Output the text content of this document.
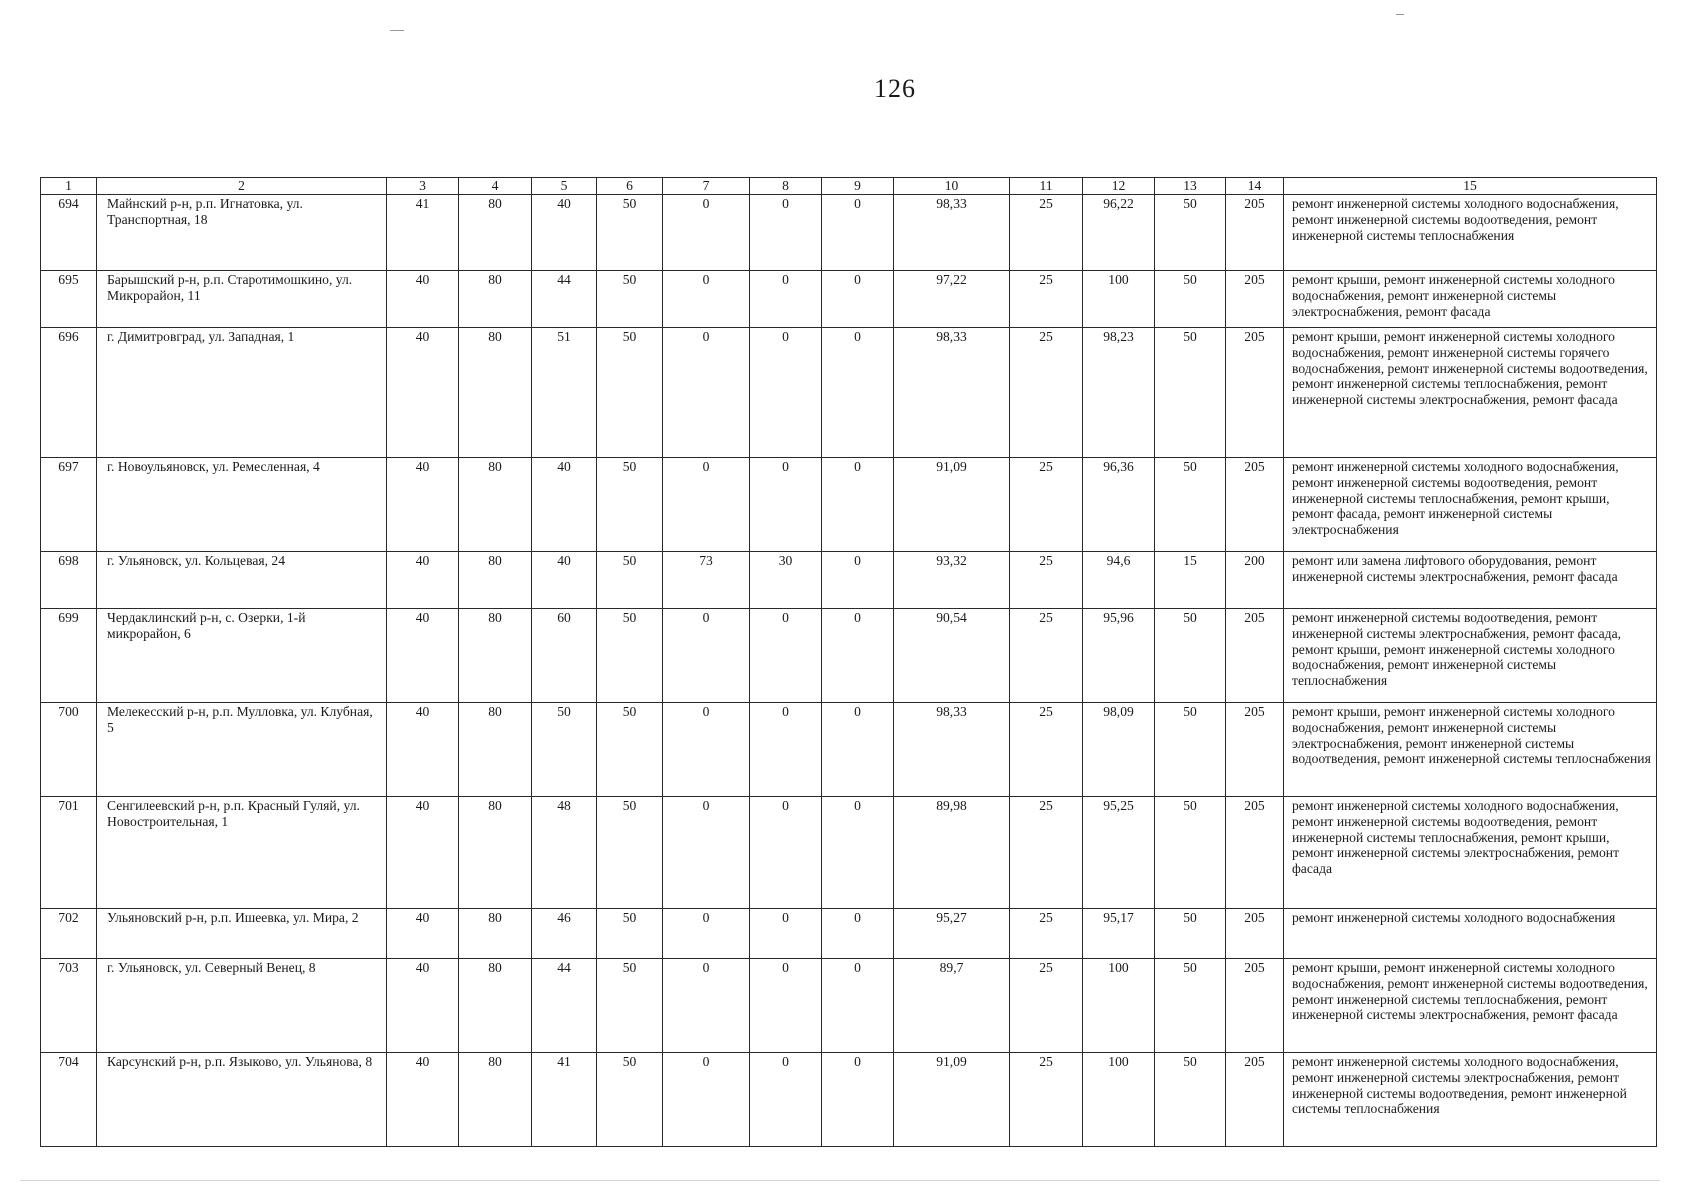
126
1	2	3	4	5	6	7	8	9	10	11	12	13	14	15
694	Майнский р-н, р.п. Игнатовка, ул. Транспортная, 18	41	80	40	50	0	0	0	98,33	25	96,22	50	205	ремонт инженерной системы холодного водоснабжения, ремонт инженерной системы водоотведения, ремонт инженерной системы теплоснабжения
695	Барышский р-н, р.п. Старотимошкино, ул. Микрорайон, 11	40	80	44	50	0	0	0	97,22	25	100	50	205	ремонт крыши, ремонт инженерной системы холодного водоснабжения, ремонт инженерной системы электроснабжения, ремонт фасада
696	г. Димитровград, ул. Западная, 1	40	80	51	50	0	0	0	98,33	25	98,23	50	205	ремонт крыши, ремонт инженерной системы холодного водоснабжения, ремонт инженерной системы горячего водоснабжения, ремонт инженерной системы водоотведения, ремонт инженерной системы теплоснабжения, ремонт инженерной системы электроснабжения, ремонт фасада
697	г. Новоульяновск, ул. Ремесленная, 4	40	80	40	50	0	0	0	91,09	25	96,36	50	205	ремонт инженерной системы холодного водоснабжения, ремонт инженерной системы водоотведения, ремонт инженерной системы теплоснабжения, ремонт крыши, ремонт фасада, ремонт инженерной системы электроснабжения
698	г. Ульяновск, ул. Кольцевая, 24	40	80	40	50	73	30	0	93,32	25	94,6	15	200	ремонт или замена лифтового оборудования, ремонт инженерной системы электроснабжения, ремонт фасада
699	Чердаклинский р-н, с. Озерки, 1-й микрорайон, 6	40	80	60	50	0	0	0	90,54	25	95,96	50	205	ремонт инженерной системы водоотведения, ремонт инженерной системы электроснабжения, ремонт фасада, ремонт крыши, ремонт инженерной системы холодного водоснабжения, ремонт инженерной системы теплоснабжения
700	Мелекесский р-н, р.п. Мулловка, ул. Клубная, 5	40	80	50	50	0	0	0	98,33	25	98,09	50	205	ремонт крыши, ремонт инженерной системы холодного водоснабжения, ремонт инженерной системы электроснабжения, ремонт инженерной системы водоотведения, ремонт инженерной системы теплоснабжения
701	Сенгилеевский р-н, р.п. Красный Гуляй, ул. Новостроительная, 1	40	80	48	50	0	0	0	89,98	25	95,25	50	205	ремонт инженерной системы холодного водоснабжения, ремонт инженерной системы водоотведения, ремонт инженерной системы теплоснабжения, ремонт крыши, ремонт инженерной системы электроснабжения, ремонт фасада
702	Ульяновский р-н, р.п. Ишеевка, ул. Мира, 2	40	80	46	50	0	0	0	95,27	25	95,17	50	205	ремонт инженерной системы холодного водоснабжения
703	г. Ульяновск, ул. Северный Венец, 8	40	80	44	50	0	0	0	89,7	25	100	50	205	ремонт крыши, ремонт инженерной системы холодного водоснабжения, ремонт инженерной системы водоотведения, ремонт инженерной системы теплоснабжения, ремонт инженерной системы электроснабжения, ремонт фасада
704	Карсунский р-н, р.п. Языково, ул. Ульянова, 8	40	80	41	50	0	0	0	91,09	25	100	50	205	ремонт инженерной системы холодного водоснабжения, ремонт инженерной системы электроснабжения, ремонт инженерной системы водоотведения, ремонт инженерной системы теплоснабжения
